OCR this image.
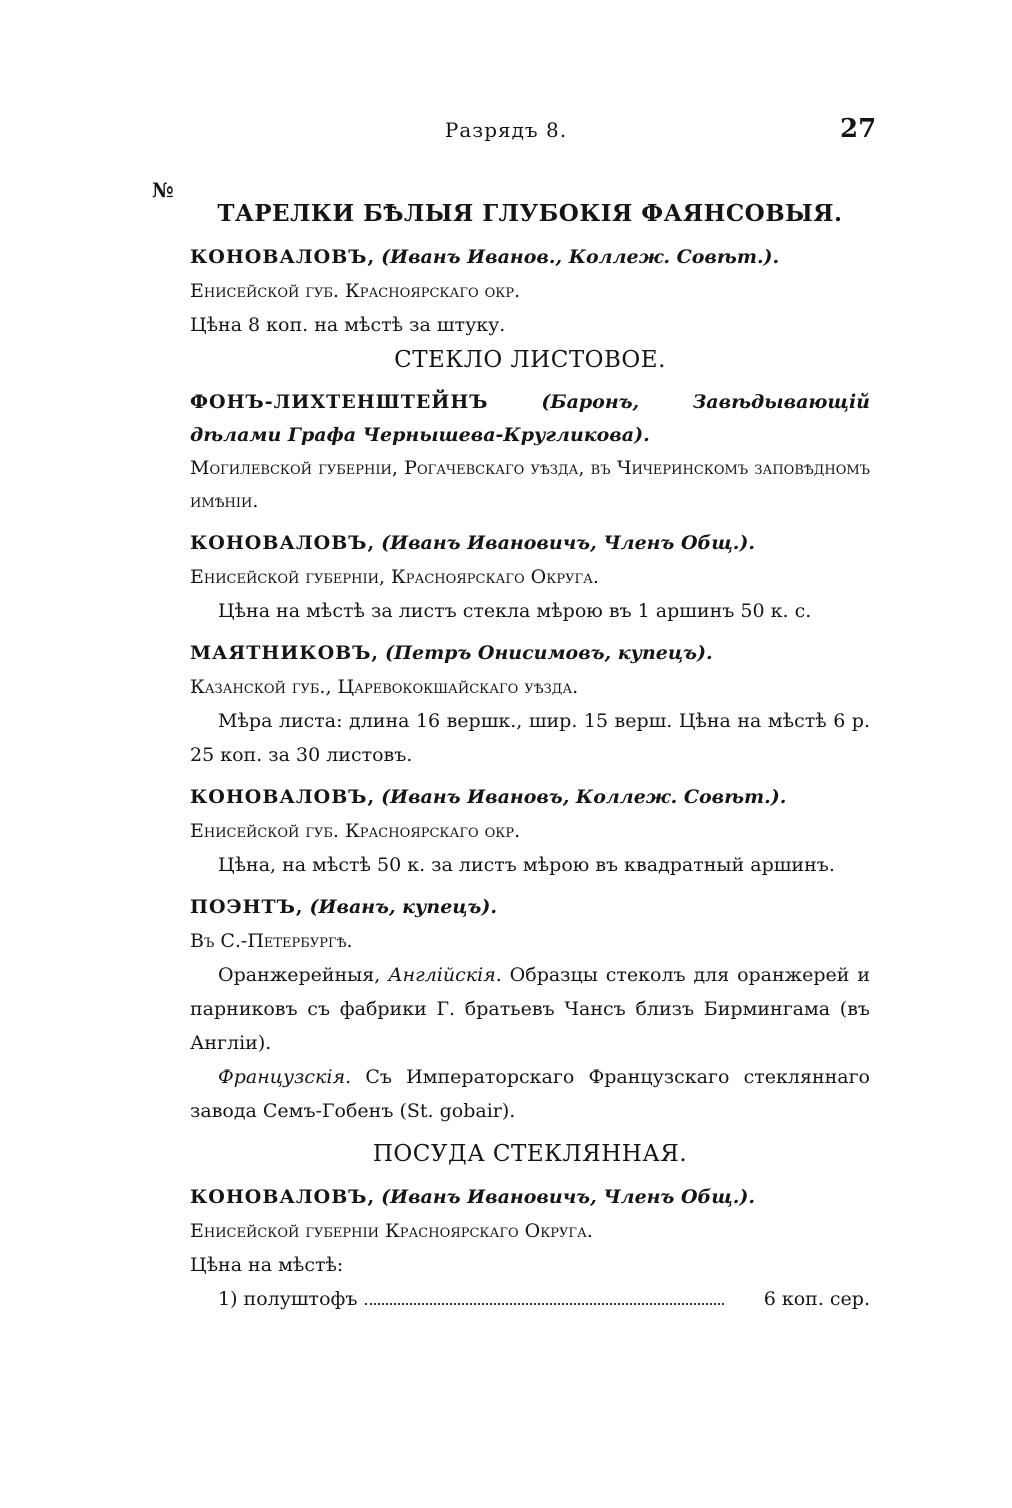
Разрядъ 8.	27
№

ТАРЕЛКИ БѢЛЫЯ ГЛУБОКІЯ ФАЯНСОВЫЯ.

КОНОВАЛОВЪ, (Иванъ Иванов., Коллеж. Совѣт.).

Енисейской губ. Красноярскаго окр.

Цѣна 8 коп. на мѣстѣ за штуку.

СТЕКЛО ЛИСТОВОЕ.

ФОНЪ-ЛИХТЕНШТЕЙНЪ	(Баронъ, Завѣдывающій дѣлами Графа Чернышева-Кругликова).

Могилевской губерніи, Рогачевскаго уѣзда, въ Чичеринскомъ заповѣдномъ имѣніи.

КОНОВАЛОВЪ, (Иванъ Ивановичъ, Членъ Общ.).

Енисейской губерніи, Красноярскаго Округа.

Цѣна на мѣстѣ за листъ стекла мѣрою въ 1 аршинъ 50 к. с.

МАЯТНИКОВЪ, (Петръ Онисимовъ, купецъ).

Казанской губ., Царевококшайскаго уѣзда.

Мѣра листа: длина 16 вершк., шир. 15 верш. Цѣна на мѣстѣ 6 р. 25 коп. за 30 листовъ.

КОНОВАЛОВЪ, (Иванъ Ивановъ, Коллеж. Совѣт.).

Енисейской губ. Красноярскаго окр.

Цѣна, на мѣстѣ 50 к. за листъ мѣрою въ квадратный аршинъ.

ПОЭНТЪ, (Иванъ, купецъ).

Въ С.-Петербургѣ.

Оранжерейныя, Англійскія. Образцы стеколъ для оранжерей и парниковъ съ фабрики Г. братьевъ Чансъ близъ Бирмингама (въ Англіи).

Французскія. Съ Императорскаго Французскаго стекляннаго завода Семъ-Гобенъ (St. gobair).

ПОСУДА СТЕКЛЯННАЯ.

КОНОВАЛОВЪ, (Иванъ Ивановичъ, Членъ Общ.).

Енисейской губерніи Красноярскаго Округа.

Цѣна на мѣстѣ:

1) полуштофъ	6 коп. сер.
